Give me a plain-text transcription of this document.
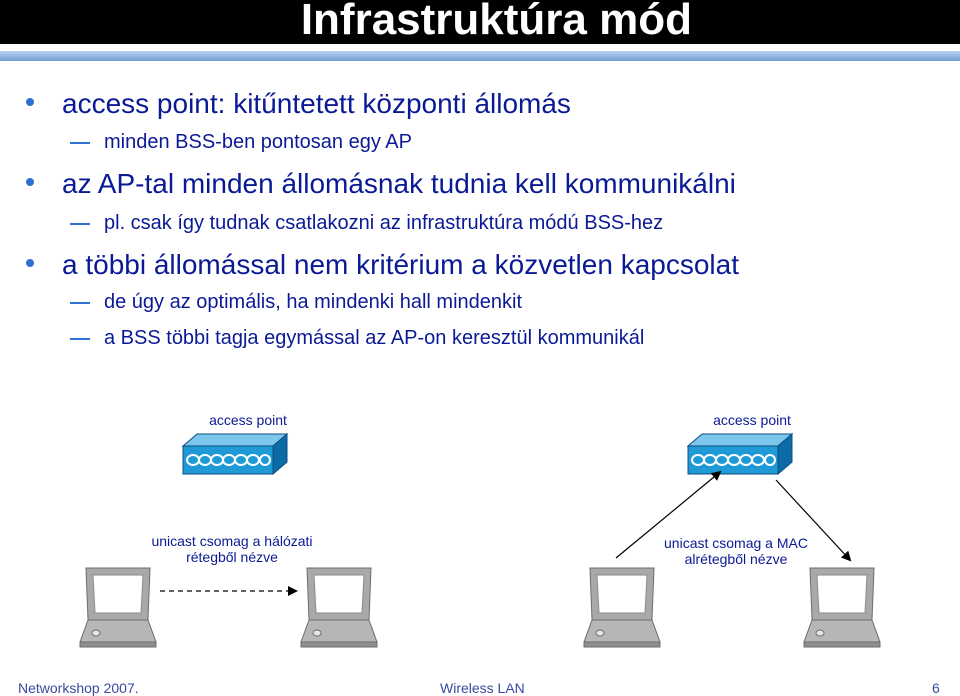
Infrastruktúra mód
access point: kitűntetett központi állomás
minden BSS-ben pontosan egy AP
az AP-tal minden állomásnak tudnia kell kommunikálni
pl. csak így tudnak csatlakozni az infrastruktúra módú BSS-hez
a többi állomással nem kritérium a közvetlen kapcsolat
de úgy az optimális, ha mindenki hall mindenkit
a BSS többi tagja egymással az AP-on keresztül kommunikál
access point	access point
unicast csomag a hálózati
rétegből nézve
unicast csomag a MAC
alrétegből nézve
Networkshop 2007.	Wireless LAN	6
